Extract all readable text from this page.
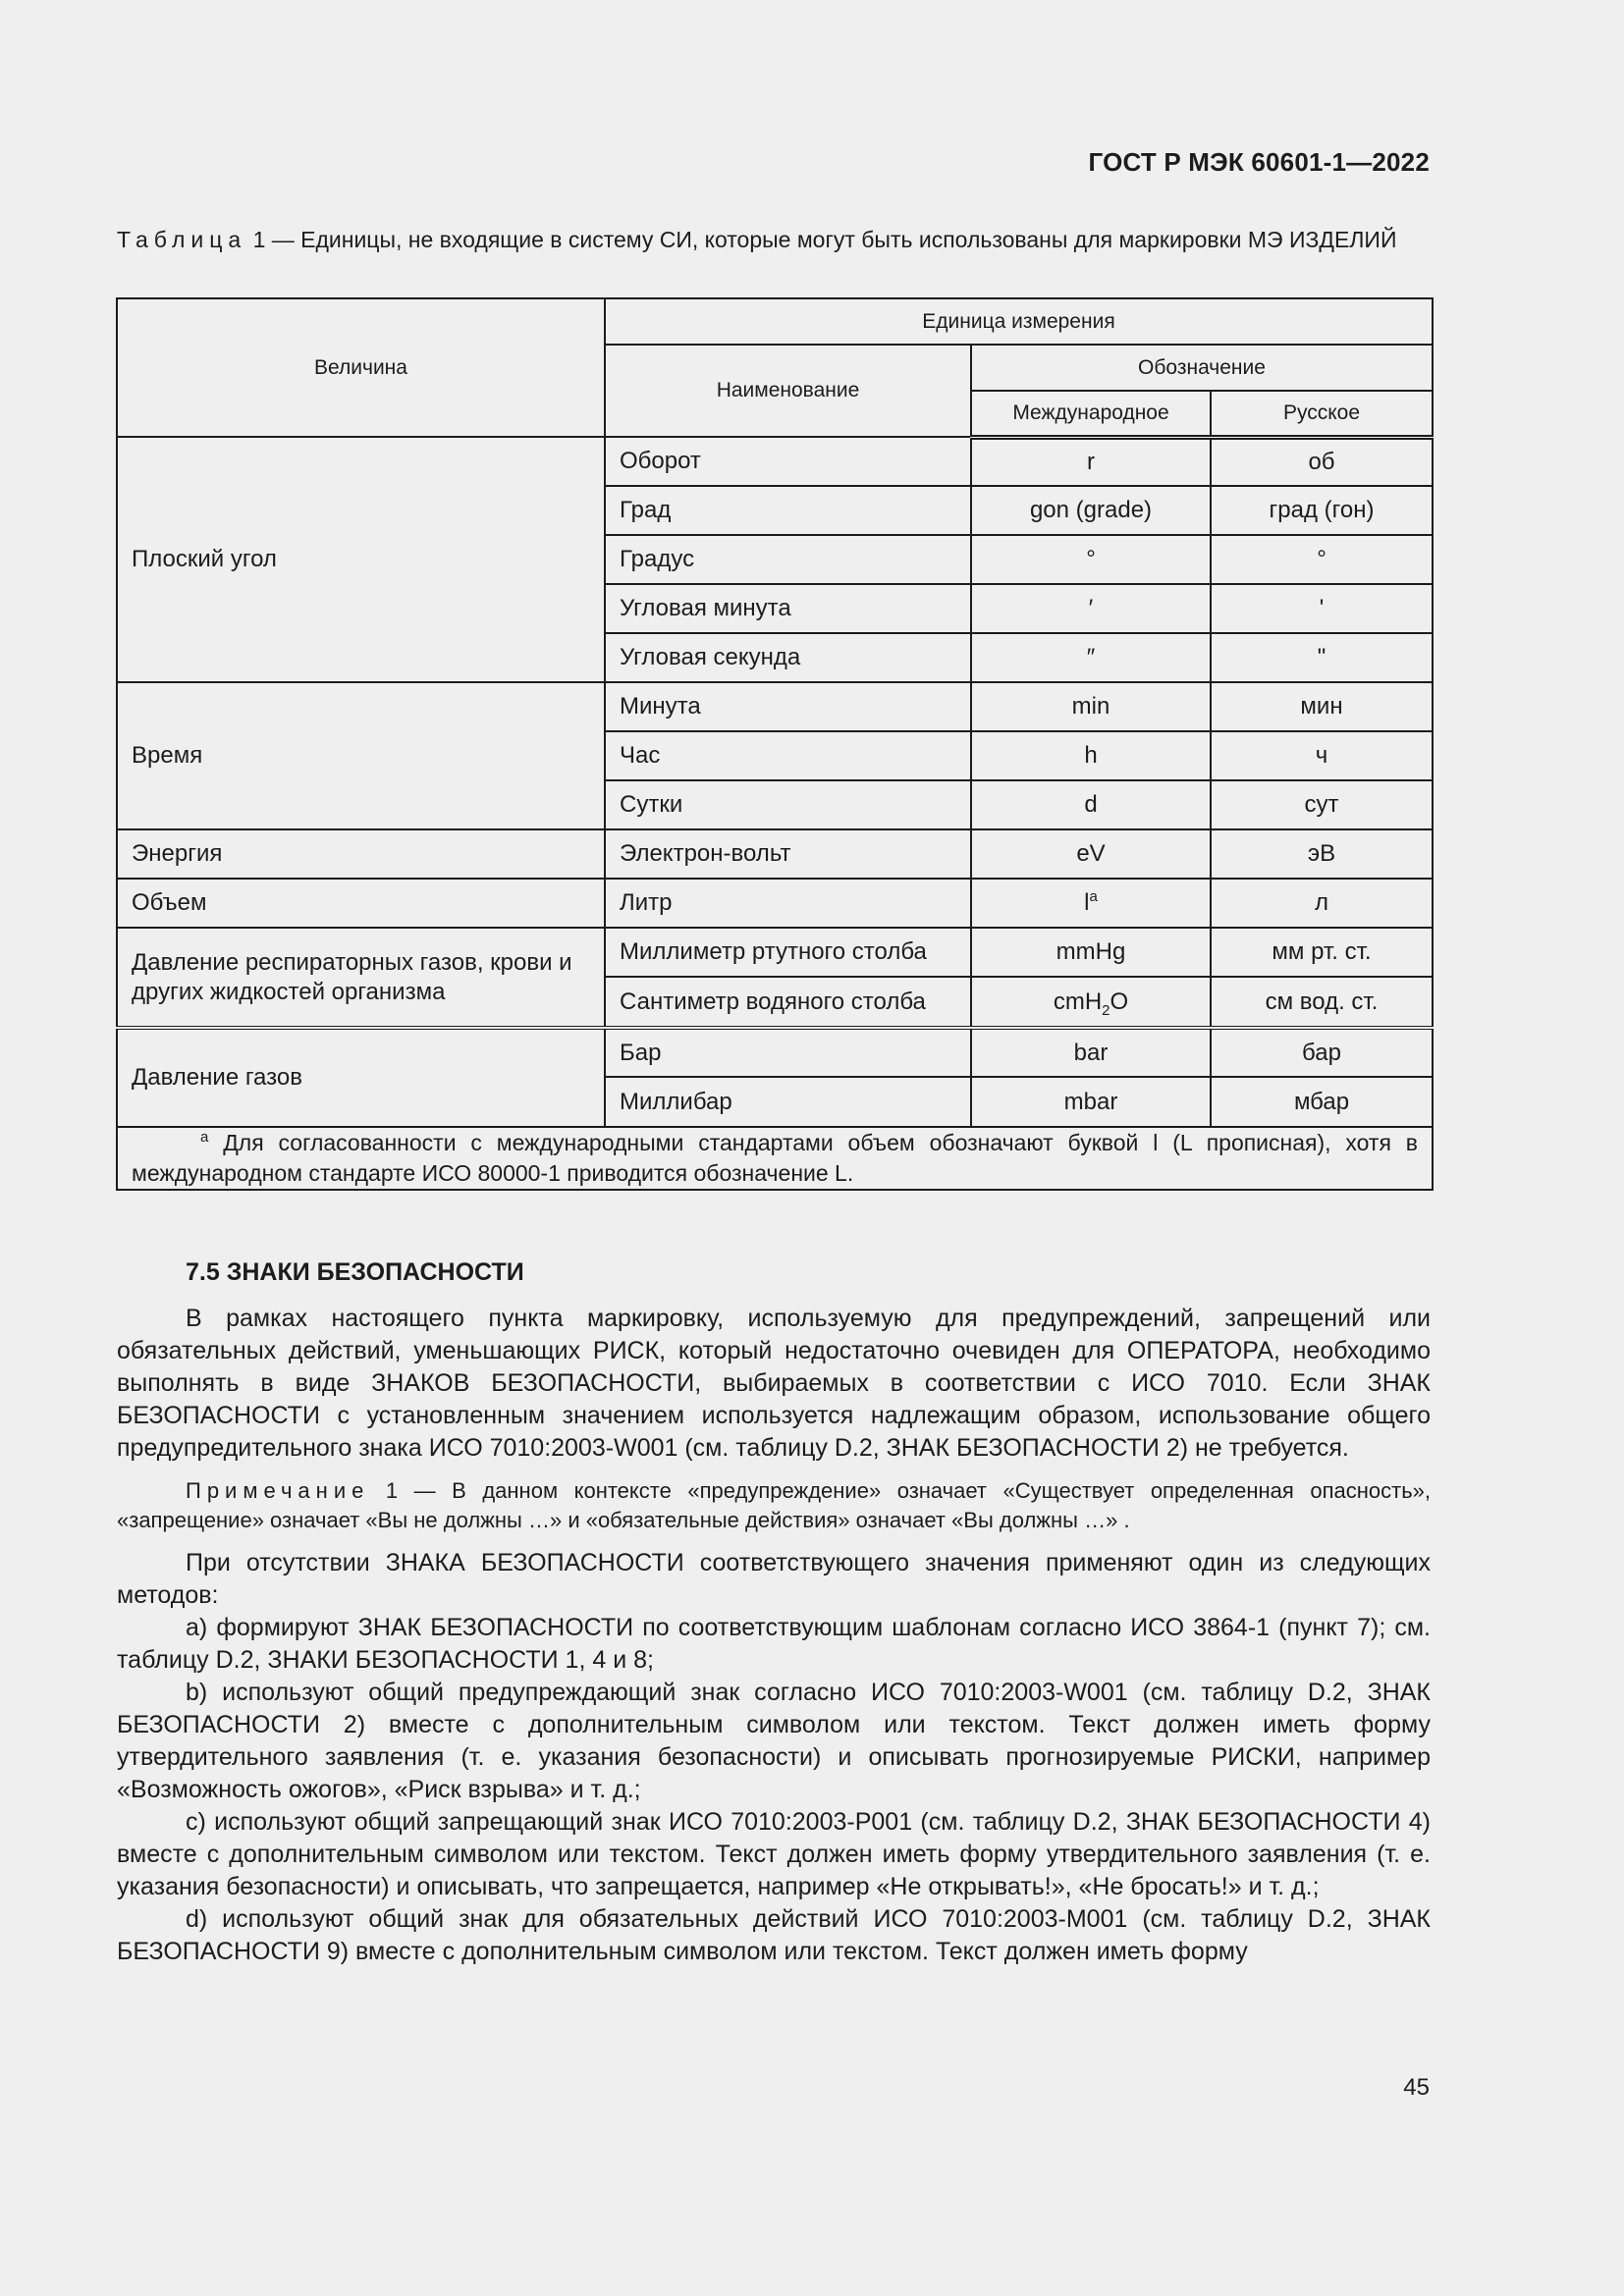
ГОСТ Р МЭК 60601-1—2022
Таблица 1 — Единицы, не входящие в систему СИ, которые могут быть использованы для маркировки МЭ ИЗДЕЛИЙ
Величина	Единица измерения		
	Наименование	Обозначение	
		Международное	Русское
Плоский угол	Оборот	r	об
	Град	gon (grade)	град (гон)
	Градус	°	°
	Угловая минута	′	'
	Угловая секунда	″	"
Время	Минута	min	мин
	Час	h	ч
	Сутки	d	сут
Энергия	Электрон-вольт	eV	эВ
Объем	Литр	$l^a$	л
Давление респираторных газов, крови и других жидкостей организма	Миллиметр ртутного столба	mmHg	мм рт. ст.
	Сантиметр водяного столба	cmH$_2$O	см вод. ст.
Давление газов	Бар	bar	бар
	Миллибар	mbar	мбар
$^a$ Для согласованности с международными стандартами объем обозначают буквой l (L прописная), хотя в международном стандарте ИСО 80000-1 приводится обозначение L.			
7.5 ЗНАКИ БЕЗОПАСНОСТИ

В рамках настоящего пункта маркировку, используемую для предупреждений, запрещений или обязательных действий, уменьшающих РИСК, который недостаточно очевиден для ОПЕРАТОРА, необходимо выполнять в виде ЗНАКОВ БЕЗОПАСНОСТИ, выбираемых в соответствии с ИСО 7010. Если ЗНАК БЕЗОПАСНОСТИ с установленным значением используется надлежащим образом, использование общего предупредительного знака ИСО 7010:2003-W001 (см. таблицу D.2, ЗНАК БЕЗОПАСНОСТИ 2) не требуется.

Примечание 1 — В данном контексте «предупреждение» означает «Существует определенная опасность», «запрещение» означает «Вы не должны …» и «обязательные действия» означает «Вы должны …» .

При отсутствии ЗНАКА БЕЗОПАСНОСТИ соответствующего значения применяют один из следующих методов:

а) формируют ЗНАК БЕЗОПАСНОСТИ по соответствующим шаблонам согласно ИСО 3864-1 (пункт 7); см. таблицу D.2, ЗНАКИ БЕЗОПАСНОСТИ 1, 4 и 8;

b) используют общий предупреждающий знак согласно ИСО 7010:2003-W001 (см. таблицу D.2, ЗНАК БЕЗОПАСНОСТИ 2) вместе с дополнительным символом или текстом. Текст должен иметь форму утвердительного заявления (т. е. указания безопасности) и описывать прогнозируемые РИСКИ, например «Возможность ожогов», «Риск взрыва» и т. д.;

c) используют общий запрещающий знак ИСО 7010:2003-P001 (см. таблицу D.2, ЗНАК БЕЗОПАСНОСТИ 4) вместе с дополнительным символом или текстом. Текст должен иметь форму утвердительного заявления (т. е. указания безопасности) и описывать, что запрещается, например «Не открывать!», «Не бросать!» и т. д.;

d) используют общий знак для обязательных действий ИСО 7010:2003-M001 (см. таблицу D.2, ЗНАК БЕЗОПАСНОСТИ 9) вместе с дополнительным символом или текстом. Текст должен иметь форму

45
